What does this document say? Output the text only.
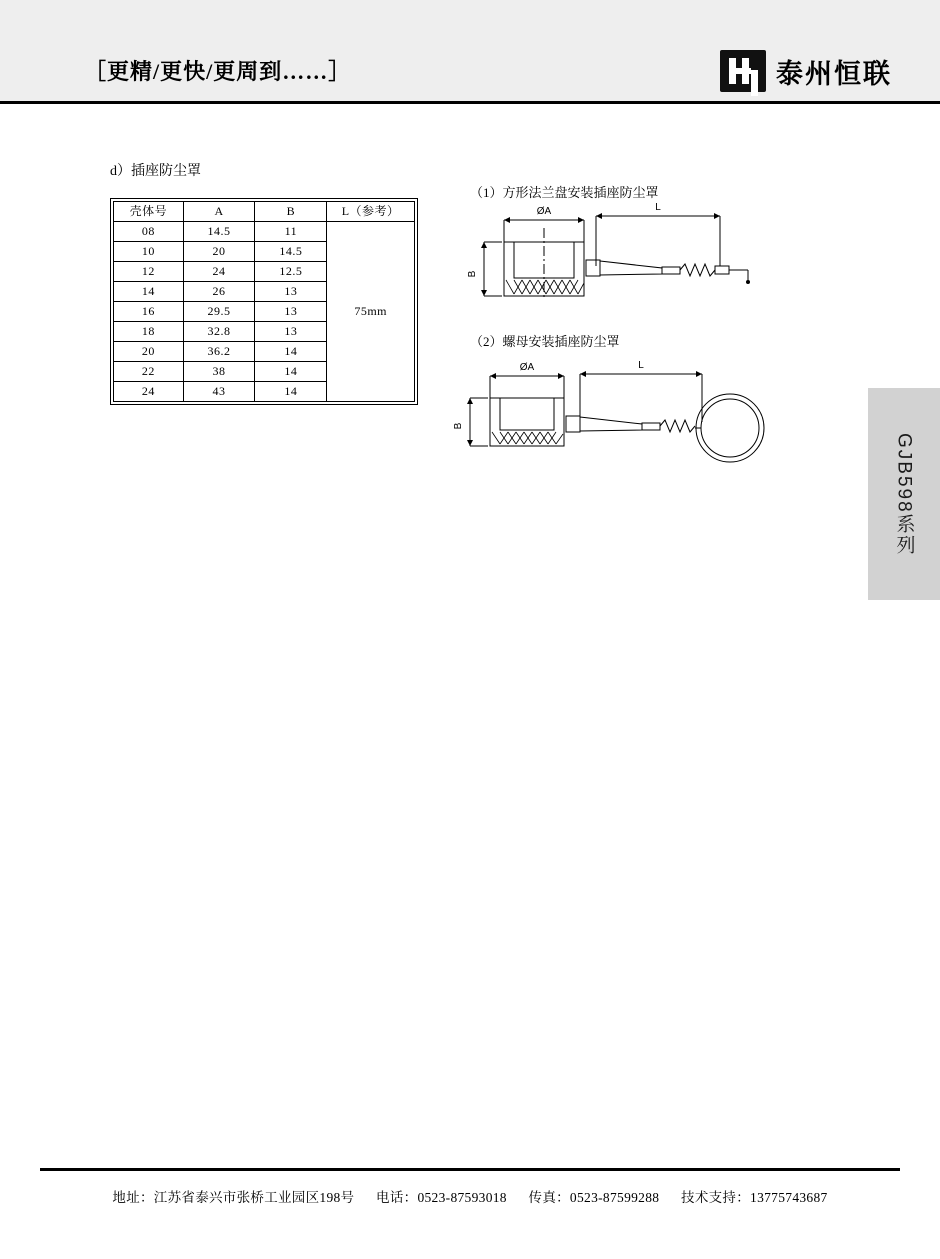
［更精/更快/更周到……］	泰州恒联
GJB598系列
d）插座防尘罩
壳体号	A	B	L（参考）
08	14.5	11	75mm
10	20	14.5	
12	24	12.5	
14	26	13	
16	29.5	13	
18	32.8	13	
20	36.2	14	
22	38	14	
24	43	14	
（1）方形法兰盘安装插座防尘罩
B
ØA	L
（2）螺母安装插座防尘罩
B
ØA	L
地址：江苏省泰兴市张桥工业园区198号 电话：0523-87593018 传真：0523-87599288 技术支持：13775743687
